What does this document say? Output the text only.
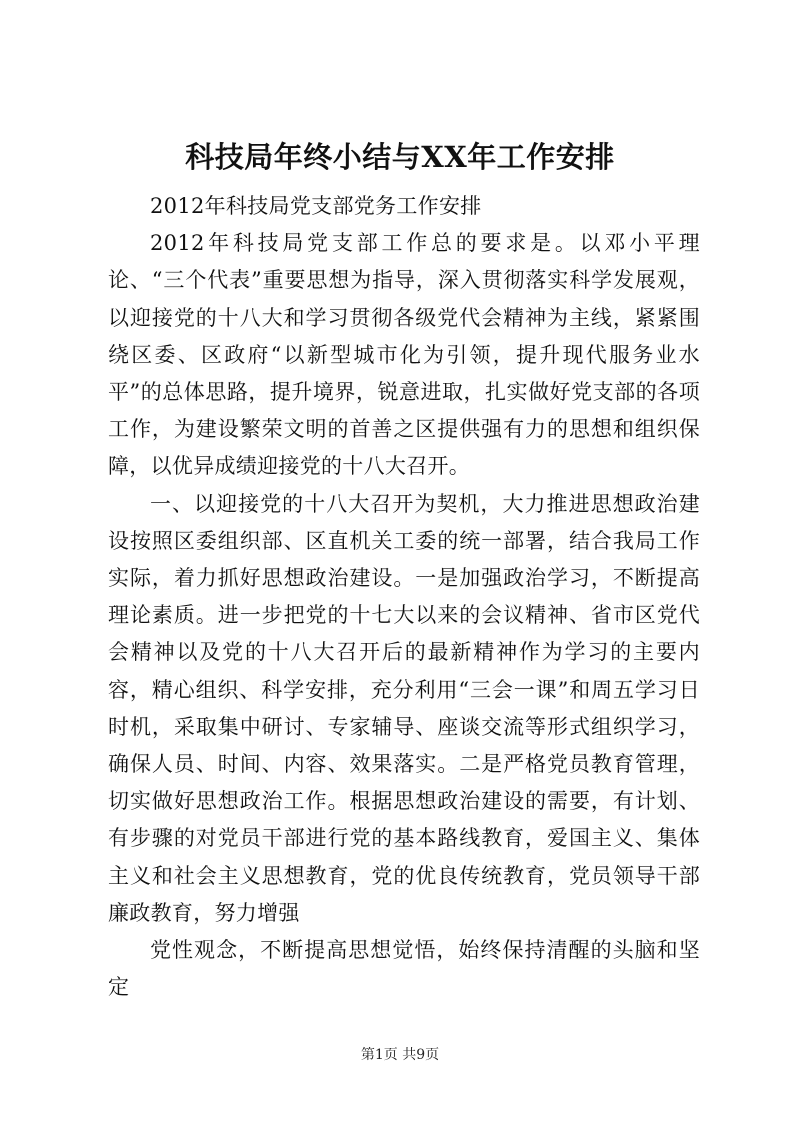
科技局年终小结与XX年工作安排

2012年科技局党支部党务工作安排

2012年科技局党支部工作总的要求是。以邓小平理论、“三个代表”重要思想为指导，深入贯彻落实科学发展观，以迎接党的十八大和学习贯彻各级党代会精神为主线，紧紧围绕区委、区政府“以新型城市化为引领，提升现代服务业水平”的总体思路，提升境界，锐意进取，扎实做好党支部的各项工作，为建设繁荣文明的首善之区提供强有力的思想和组织保障，以优异成绩迎接党的十八大召开。

一、以迎接党的十八大召开为契机，大力推进思想政治建设按照区委组织部、区直机关工委的统一部署，结合我局工作实际，着力抓好思想政治建设。一是加强政治学习，不断提高理论素质。进一步把党的十七大以来的会议精神、省市区党代会精神以及党的十八大召开后的最新精神作为学习的主要内容，精心组织、科学安排，充分利用“三会一课”和周五学习日时机，采取集中研讨、专家辅导、座谈交流等形式组织学习，确保人员、时间、内容、效果落实。二是严格党员教育管理，切实做好思想政治工作。根据思想政治建设的需要，有计划、有步骤的对党员干部进行党的基本路线教育，爱国主义、集体主义和社会主义思想教育，党的优良传统教育，党员领导干部廉政教育，努力增强

党性观念，不断提高思想觉悟，始终保持清醒的头脑和坚定

第1页 共9页
